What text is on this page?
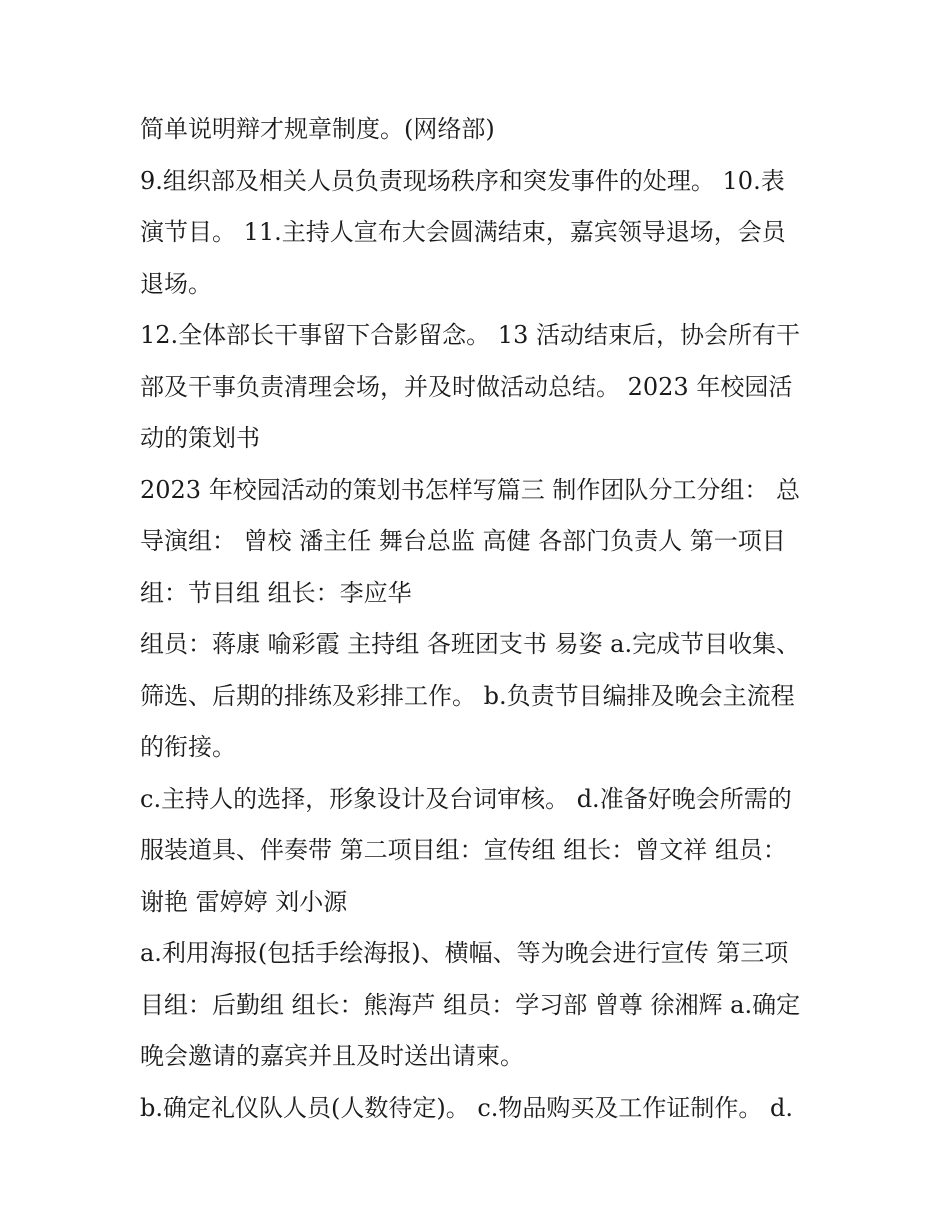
简单说明辩才规章制度。(网络部)
9.组织部及相关人员负责现场秩序和突发事件的处理。 10.表
演节目。 11.主持人宣布大会圆满结束，嘉宾领导退场，会员
退场。
12.全体部长干事留下合影留念。 13 活动结束后，协会所有干
部及干事负责清理会场，并及时做活动总结。 2023 年校园活
动的策划书
2023 年校园活动的策划书怎样写篇三 制作团队分工分组： 总
导演组： 曾校 潘主任 舞台总监 高健 各部门负责人 第一项目
组：节目组 组长：李应华
组员：蒋康 喻彩霞 主持组 各班团支书 易姿 a.完成节目收集、
筛选、后期的排练及彩排工作。 b.负责节目编排及晚会主流程
的衔接。
c.主持人的选择，形象设计及台词审核。 d.准备好晚会所需的
服装道具、伴奏带 第二项目组：宣传组 组长：曾文祥 组员：
谢艳 雷婷婷 刘小源
a.利用海报(包括手绘海报)、横幅、等为晚会进行宣传 第三项
目组：后勤组 组长：熊海芦 组员：学习部 曾尊 徐湘辉 a.确定
晚会邀请的嘉宾并且及时送出请柬。
b.确定礼仪队人员(人数待定)。 c.物品购买及工作证制作。 d.
